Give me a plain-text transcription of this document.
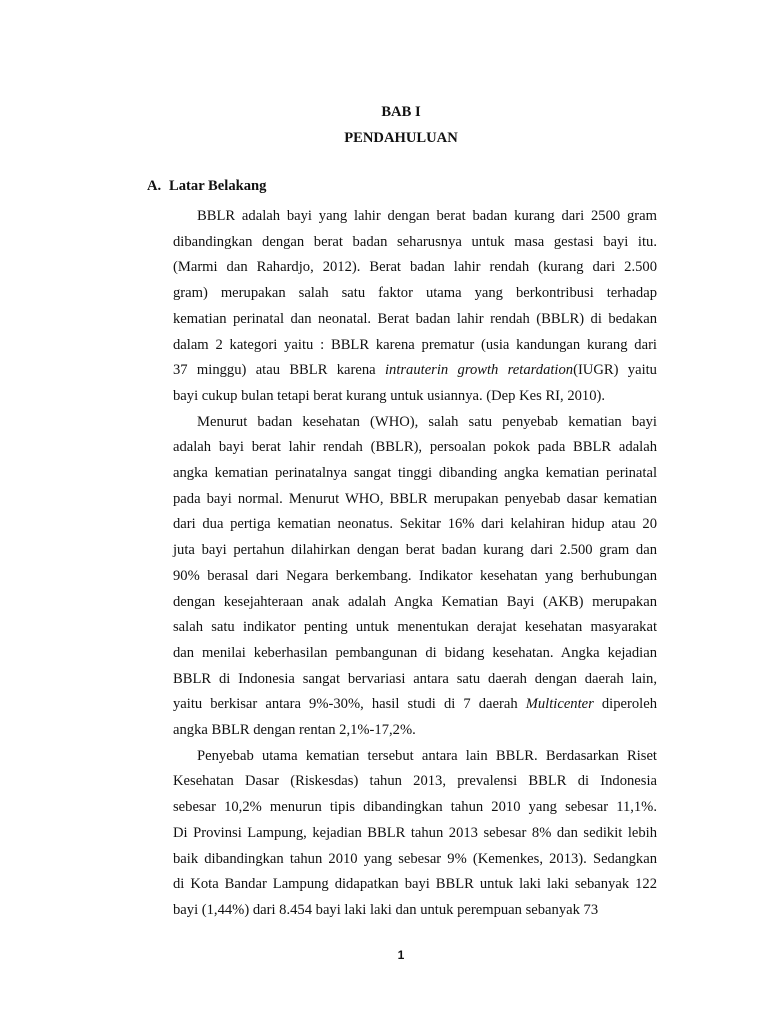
BAB I
PENDAHULUAN
A. Latar Belakang

BBLR adalah bayi yang lahir dengan berat badan kurang dari 2500 gram
dibandingkan dengan berat badan seharusnya untuk masa gestasi bayi itu.
(Marmi dan Rahardjo, 2012). Berat badan lahir rendah (kurang dari 2.500
gram) merupakan salah satu faktor utama yang berkontribusi terhadap
kematian perinatal dan neonatal. Berat badan lahir rendah (BBLR) di bedakan
dalam 2 kategori yaitu : BBLR karena prematur (usia kandungan kurang dari
37 minggu) atau BBLR karena intrauterin growth retardation(IUGR) yaitu
bayi cukup bulan tetapi berat kurang untuk usiannya. (Dep Kes RI, 2010).

Menurut badan kesehatan (WHO), salah satu penyebab kematian bayi
adalah bayi berat lahir rendah (BBLR), persoalan pokok pada BBLR adalah
angka kematian perinatalnya sangat tinggi dibanding angka kematian perinatal
pada bayi normal. Menurut WHO, BBLR merupakan penyebab dasar kematian
dari dua pertiga kematian neonatus. Sekitar 16% dari kelahiran hidup atau 20
juta bayi pertahun dilahirkan dengan berat badan kurang dari 2.500 gram dan
90% berasal dari Negara berkembang. Indikator kesehatan yang berhubungan
dengan kesejahteraan anak adalah Angka Kematian Bayi (AKB) merupakan
salah satu indikator penting untuk menentukan derajat kesehatan masyarakat
dan menilai keberhasilan pembangunan di bidang kesehatan. Angka kejadian
BBLR di Indonesia sangat bervariasi antara satu daerah dengan daerah lain,
yaitu berkisar antara 9%-30%, hasil studi di 7 daerah Multicenter diperoleh
angka BBLR dengan rentan 2,1%-17,2%.

Penyebab utama kematian tersebut antara lain BBLR. Berdasarkan Riset
Kesehatan Dasar (Riskesdas) tahun 2013, prevalensi BBLR di Indonesia
sebesar 10,2% menurun tipis dibandingkan tahun 2010 yang sebesar 11,1%.
Di Provinsi Lampung, kejadian BBLR tahun 2013 sebesar 8% dan sedikit lebih
baik dibandingkan tahun 2010 yang sebesar 9% (Kemenkes, 2013). Sedangkan
di Kota Bandar Lampung didapatkan bayi BBLR untuk laki laki sebanyak 122
bayi (1,44%) dari 8.454 bayi laki laki dan untuk perempuan sebanyak 73

1
